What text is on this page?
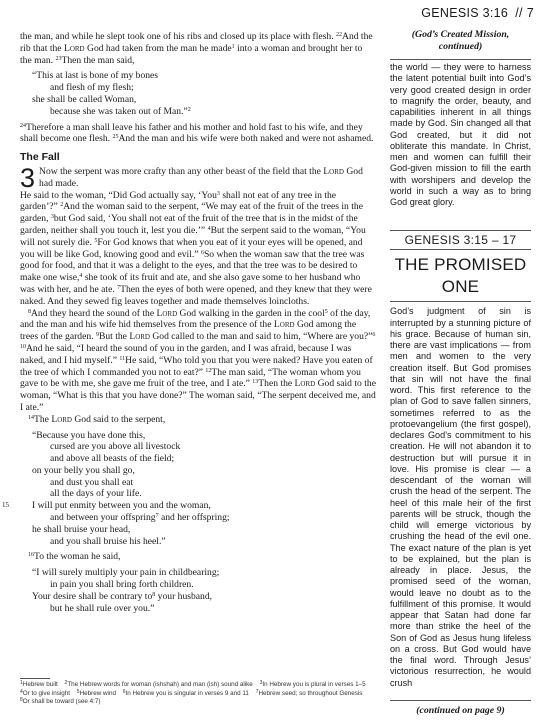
GENESIS 3:16 // 7

the man, and while he slept took one of his ribs and closed up its place with flesh. $^{22}$And the rib that the Lord God had taken from the man he made$^1$ into a woman and brought her to the man. $^{23}$Then the man said,

“This at last is bone of my bones
and flesh of my flesh;
she shall be called Woman,
because she was taken out of Man.”$^2$

$^{24}$Therefore a man shall leave his father and his mother and hold fast to his wife, and they shall become one flesh. $^{25}$And the man and his wife were both naked and were not ashamed.

The Fall

3 Now the serpent was more crafty than any other beast of the field that the Lord God had made.
He said to the woman, “Did God actually say, ‘You$^3$ shall not eat of any tree in the garden’?” $^2$And the woman said to the serpent, “We may eat of the fruit of the trees in the garden, $^3$but God said, ‘You shall not eat of the fruit of the tree that is in the midst of the garden, neither shall you touch it, lest you die.’” $^4$But the serpent said to the woman, “You will not surely die. $^5$For God knows that when you eat of it your eyes will be opened, and you will be like God, knowing good and evil.” $^6$So when the woman saw that the tree was good for food, and that it was a delight to the eyes, and that the tree was to be desired to make one wise,$^4$ she took of its fruit and ate, and she also gave some to her husband who was with her, and he ate. $^7$Then the eyes of both were opened, and they knew that they were naked. And they sewed fig leaves together and made themselves loincloths.

$^8$And they heard the sound of the Lord God walking in the garden in the cool$^5$ of the day, and the man and his wife hid themselves from the presence of the Lord God among the trees of the garden. $^9$But the Lord God called to the man and said to him, “Where are you?”$^6$ $^{10}$And he said, “I heard the sound of you in the garden, and I was afraid, because I was naked, and I hid myself.” $^{11}$He said, “Who told you that you were naked? Have you eaten of the tree of which I commanded you not to eat?” $^{12}$The man said, “The woman whom you gave to be with me, she gave me fruit of the tree, and I ate.” $^{13}$Then the Lord God said to the woman, “What is this that you have done?” The woman said, “The serpent deceived me, and I ate.”

$^{14}$The Lord God said to the serpent,

“Because you have done this,
cursed are you above all livestock
and above all beasts of the field;
on your belly you shall go,
and dust you shall eat
all the days of your life.
15 I will put enmity between you and the woman,
and between your offspring$^7$ and her offspring;
he shall bruise your head,
and you shall bruise his heel.”

$^{16}$To the woman he said,

“I will surely multiply your pain in childbearing;
in pain you shall bring forth children.
Your desire shall be contrary $to^8$ your husband,
but he shall rule over you.”
$^1$Hebrew built $^2$The Hebrew words for woman (ishshah) and man (ish) sound alike $^3$In Hebrew you is plural in verses 1–5 $^4$Or to give insight $^5$Hebrew wind $^6$In Hebrew you is singular in verses 9 and 11 $^7$Hebrew seed; so throughout Genesis $^8$Or shall be toward (see 4:7)
(God’s Created Mission, continued)
the world — they were to harness the latent potential built into God’s very good created design in order to magnify the order, beauty, and capabilities inherent in all things made by God. Sin changed all that God created, but it did not obliterate this mandate. In Christ, men and women can fulfill their God-given mission to fill the earth with worshipers and develop the world in such a way as to bring God great glory.
GENESIS 3:15 – 17
THE PROMISED ONE
God’s judgment of sin is interrupted by a stunning picture of his grace. Because of human sin, there are vast implications — from men and women to the very creation itself. But God promises that sin will not have the final word. This first reference to the plan of God to save fallen sinners, sometimes referred to as the protoevangelium (the first gospel), declares God’s commitment to his creation. He will not abandon it to destruction but will pursue it in love. His promise is clear — a descendant of the woman will crush the head of the serpent. The heel of this male heir of the first parents will be struck, though the child will emerge victorious by crushing the head of the evil one. The exact nature of the plan is yet to be explained, but the plan is already in place. Jesus, the promised seed of the woman, would leave no doubt as to the fulfillment of this promise. It would appear that Satan had done far more than strike the heel of the Son of God as Jesus hung lifeless on a cross. But God would have the final word. Through Jesus’ victorious resurrection, he would crush
(continued on page 9)
